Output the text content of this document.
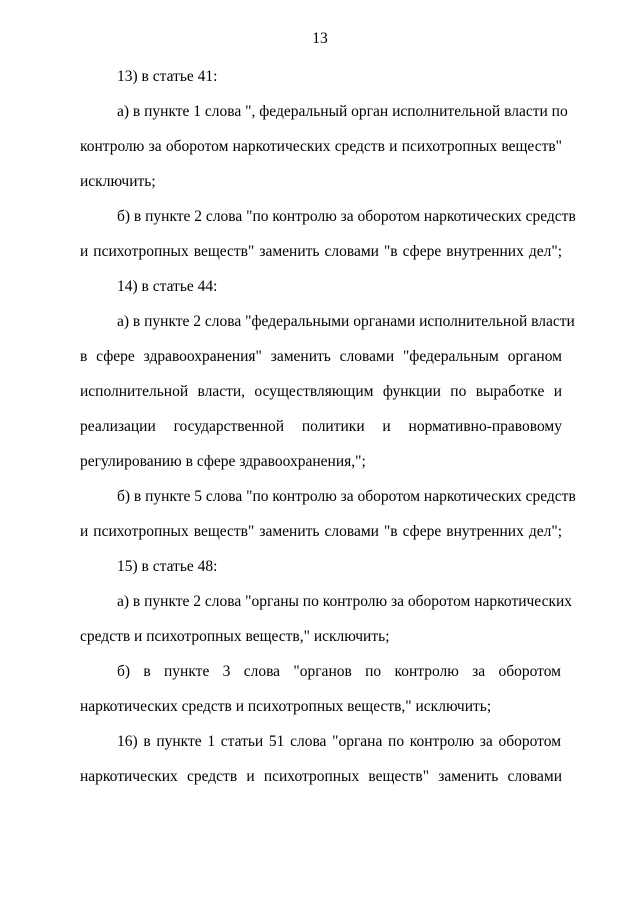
13
13) в статье 41:
а) в пункте 1 слова ", федеральный орган исполнительной власти по
контролю за оборотом наркотических средств и психотропных веществ"
исключить;
б) в пункте 2 слова "по контролю за оборотом наркотических средств
и психотропных веществ" заменить словами "в сфере внутренних дел";
14) в статье 44:
а) в пункте 2 слова "федеральными органами исполнительной власти
в сфере здравоохранения" заменить словами "федеральным органом
исполнительной власти, осуществляющим функции по выработке и
реализации государственной политики и нормативно-правовому
регулированию в сфере здравоохранения,";
б) в пункте 5 слова "по контролю за оборотом наркотических средств
и психотропных веществ" заменить словами "в сфере внутренних дел";
15) в статье 48:
а) в пункте 2 слова "органы по контролю за оборотом наркотических
средств и психотропных веществ," исключить;
б) в пункте 3 слова "органов по контролю за оборотом
наркотических средств и психотропных веществ," исключить;
16) в пункте 1 статьи 51 слова "органа по контролю за оборотом
наркотических средств и психотропных веществ" заменить словами
